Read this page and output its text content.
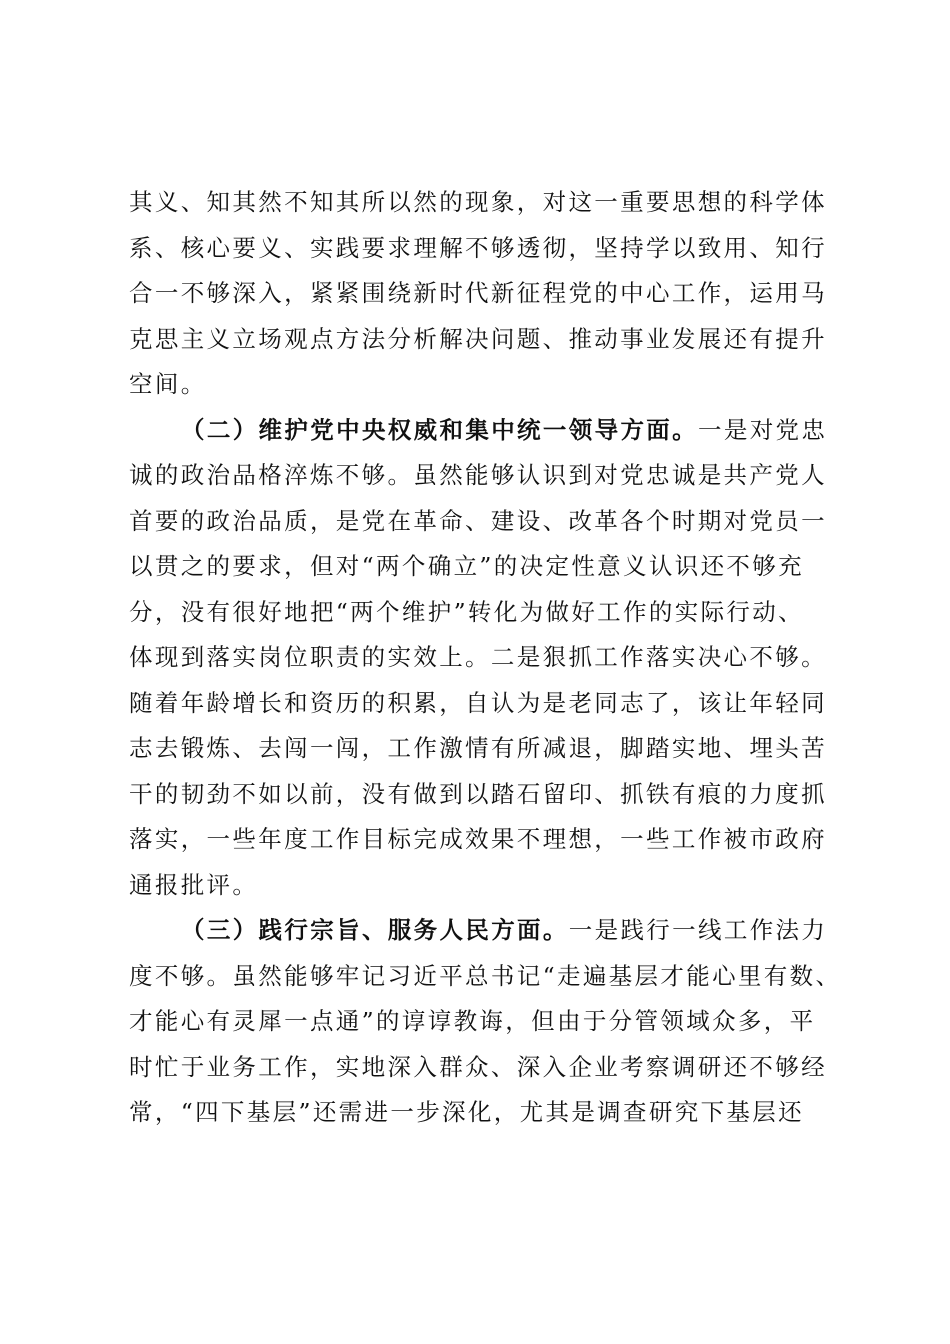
其义、知其然不知其所以然的现象，对这一重要思想的科学体
系、核心要义、实践要求理解不够透彻，坚持学以致用、知行
合一不够深入，紧紧围绕新时代新征程党的中心工作，运用马
克思主义立场观点方法分析解决问题、推动事业发展还有提升
空间。
（二）维护党中央权威和集中统一领导方面。一是对党忠
诚的政治品格淬炼不够。虽然能够认识到对党忠诚是共产党人
首要的政治品质，是党在革命、建设、改革各个时期对党员一
以贯之的要求，但对“两个确立”的决定性意义认识还不够充
分，没有很好地把“两个维护”转化为做好工作的实际行动、
体现到落实岗位职责的实效上。二是狠抓工作落实决心不够。
随着年龄增长和资历的积累，自认为是老同志了，该让年轻同
志去锻炼、去闯一闯，工作激情有所减退，脚踏实地、埋头苦
干的韧劲不如以前，没有做到以踏石留印、抓铁有痕的力度抓
落实，一些年度工作目标完成效果不理想，一些工作被市政府
通报批评。
（三）践行宗旨、服务人民方面。一是践行一线工作法力
度不够。虽然能够牢记习近平总书记“走遍基层才能心里有数、
才能心有灵犀一点通”的谆谆教诲，但由于分管领域众多，平
时忙于业务工作，实地深入群众、深入企业考察调研还不够经
常，“四下基层”还需进一步深化，尤其是调查研究下基层还
